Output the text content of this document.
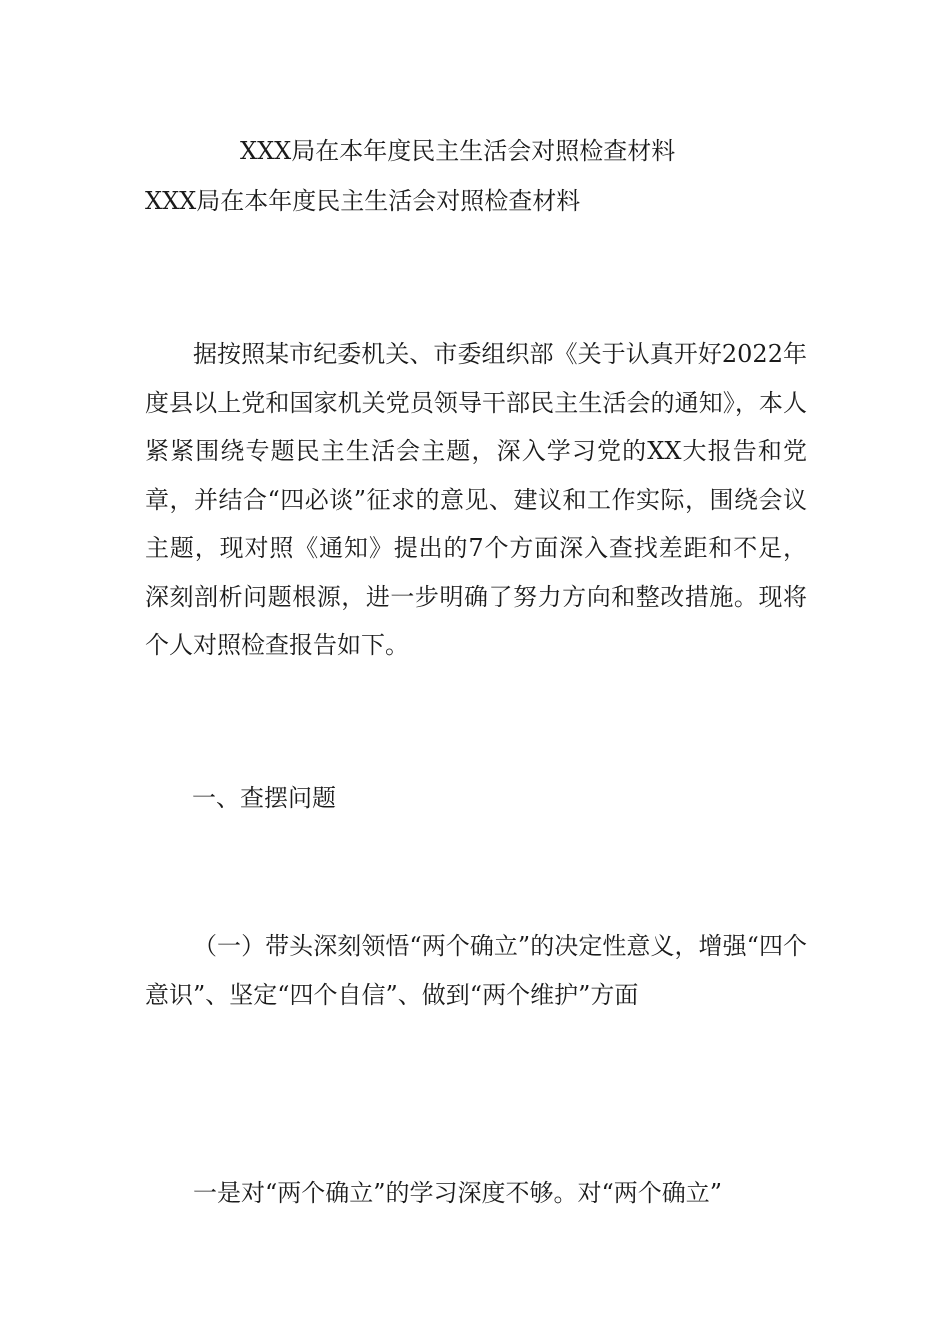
XXX局在本年度民主生活会对照检查材料
XXX局在本年度民主生活会对照检查材料
据按照某市纪委机关、市委组织部《关于认真开好2022年度县以上党和国家机关党员领导干部民主生活会的通知》，本人紧紧围绕专题民主生活会主题，深入学习党的XX大报告和党章，并结合“四必谈”征求的意见、建议和工作实际，围绕会议主题，现对照《通知》提出的7个方面深入查找差距和不足，深刻剖析问题根源，进一步明确了努力方向和整改措施。现将个人对照检查报告如下。
一、查摆问题
（一）带头深刻领悟“两个确立”的决定性意义，增强“四个意识”、坚定“四个自信”、做到“两个维护”方面
一是对“两个确立”的学习深度不够。对“两个确立”
